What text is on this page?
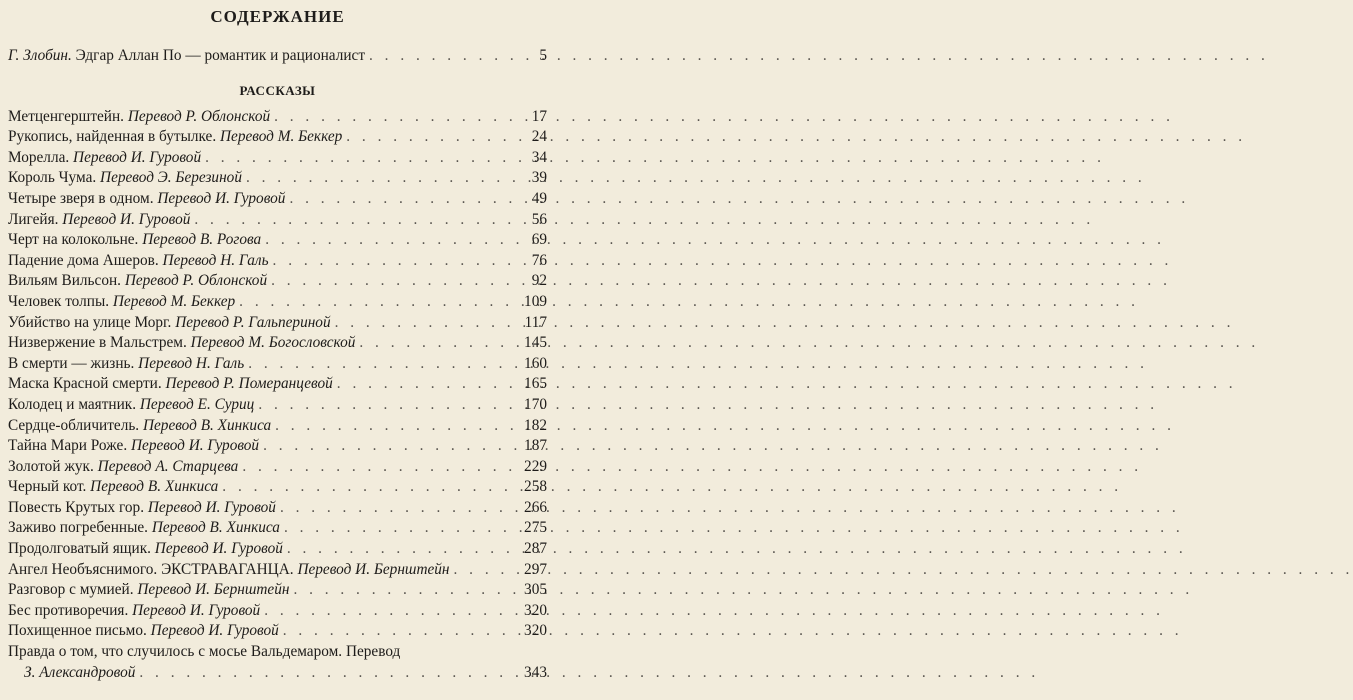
СОДЕРЖАНИЕ
Г. Злобин. Эдгар Аллан По — романтик и рационалист . . .	5
РАССКАЗЫ
Метценгерштейн. Перевод Р. Облонской . . .	17
Рукопись, найденная в бутылке. Перевод М. Беккер . . .	24
Морелла. Перевод И. Гуровой . . .	34
Король Чума. Перевод Э. Березиной . . .	39
Четыре зверя в одном. Перевод И. Гуровой . . .	49
Лигейя. Перевод И. Гуровой . . .	56
Черт на колокольне. Перевод В. Рогова . . .	69
Падение дома Ашеров. Перевод Н. Галь . . .	76
Вильям Вильсон. Перевод Р. Облонской . . .	92
Человек толпы. Перевод М. Беккер . . .	109
Убийство на улице Морг. Перевод Р. Гальпериной . . .	117
Низвержение в Мальстрем. Перевод М. Богословской . . .	145
В смерти — жизнь. Перевод Н. Галь . . .	160
Маска Красной смерти. Перевод Р. Померанцевой . . .	165
Колодец и маятник. Перевод Е. Суриц . . .	170
Сердце-обличитель. Перевод В. Хинкиса . . .	182
Тайна Мари Роже. Перевод И. Гуровой . . .	187
Золотой жук. Перевод А. Старцева . . .	229
Черный кот. Перевод В. Хинкиса . . .	258
Повесть Крутых гор. Перевод И. Гуровой . . .	266
Заживо погребенные. Перевод В. Хинкиса . . .	275
Продолговатый ящик. Перевод И. Гуровой . . .	287
Ангел Необъяснимого. ЭКСТРАВАГАНЦА. Перевод И. Бернштейн . . .	297
Разговор с мумией. Перевод И. Бернштейн . . .	305
Бес противоречия. Перевод И. Гуровой . . .	320
Похищенное письмо. Перевод И. Гуровой . . .	320
Правда о том, что случилось с мосье Вальдемаром. Перевод
З. Александровой . . .	343
